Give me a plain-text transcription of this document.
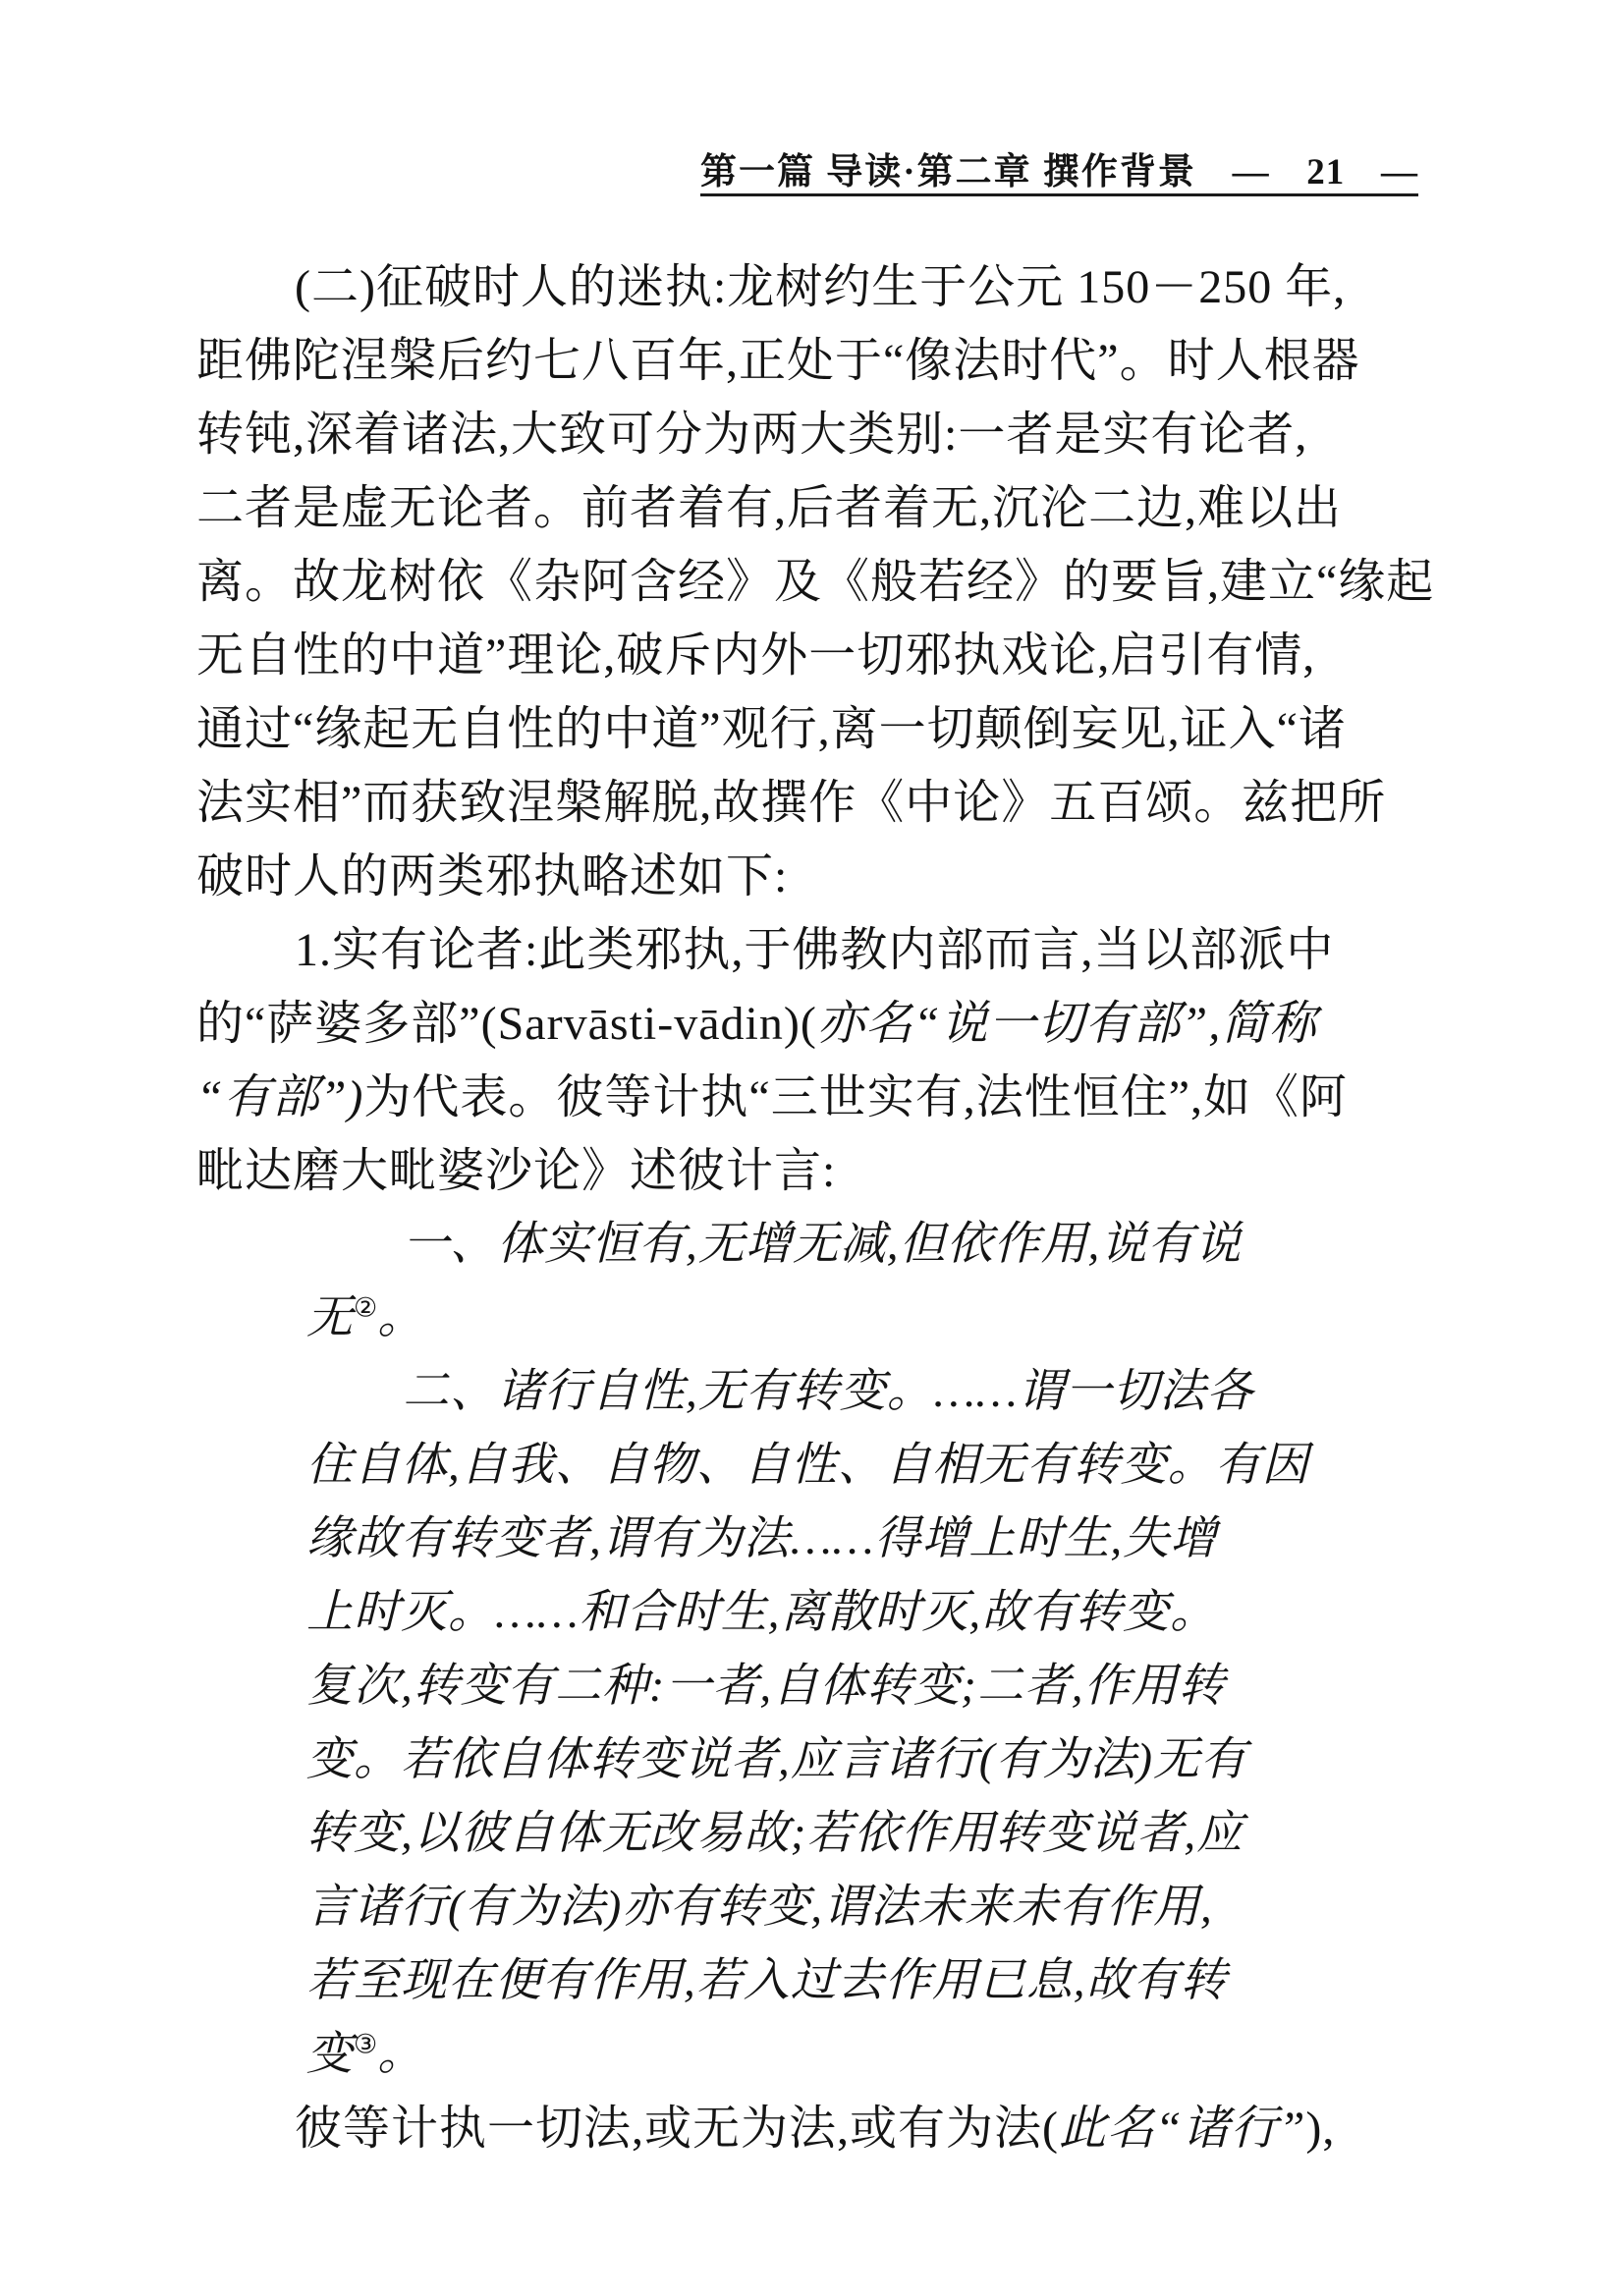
第一篇 导读·第二章 撰作背景 — 21 —
(二)征破时人的迷执:龙树约生于公元 150－250 年,
距佛陀涅槃后约七八百年,正处于“像法时代”。时人根器
转钝,深着诸法,大致可分为两大类别:一者是实有论者,
二者是虚无论者。前者着有,后者着无,沉沦二边,难以出
离。故龙树依《杂阿含经》及《般若经》的要旨,建立“缘起
无自性的中道”理论,破斥内外一切邪执戏论,启引有情,
通过“缘起无自性的中道”观行,离一切颠倒妄见,证入“诸
法实相”而获致涅槃解脱,故撰作《中论》五百颂。兹把所
破时人的两类邪执略述如下:
1.实有论者:此类邪执,于佛教内部而言,当以部派中
的“萨婆多部”(Sarvāsti-vādin)(亦名“说一切有部”,简称
“有部”)为代表。彼等计执“三世实有,法性恒住”,如《阿
毗达磨大毗婆沙论》述彼计言:
一、体实恒有,无增无减,但依作用,说有说
无②。
二、诸行自性,无有转变。……谓一切法各
住自体,自我、自物、自性、自相无有转变。有因
缘故有转变者,谓有为法……得增上时生,失增
上时灭。……和合时生,离散时灭,故有转变。
复次,转变有二种:一者,自体转变;二者,作用转
变。若依自体转变说者,应言诸行(有为法)无有
转变,以彼自体无改易故;若依作用转变说者,应
言诸行(有为法)亦有转变,谓法未来未有作用,
若至现在便有作用,若入过去作用已息,故有转
变③。
彼等计执一切法,或无为法,或有为法(此名“诸行”),
